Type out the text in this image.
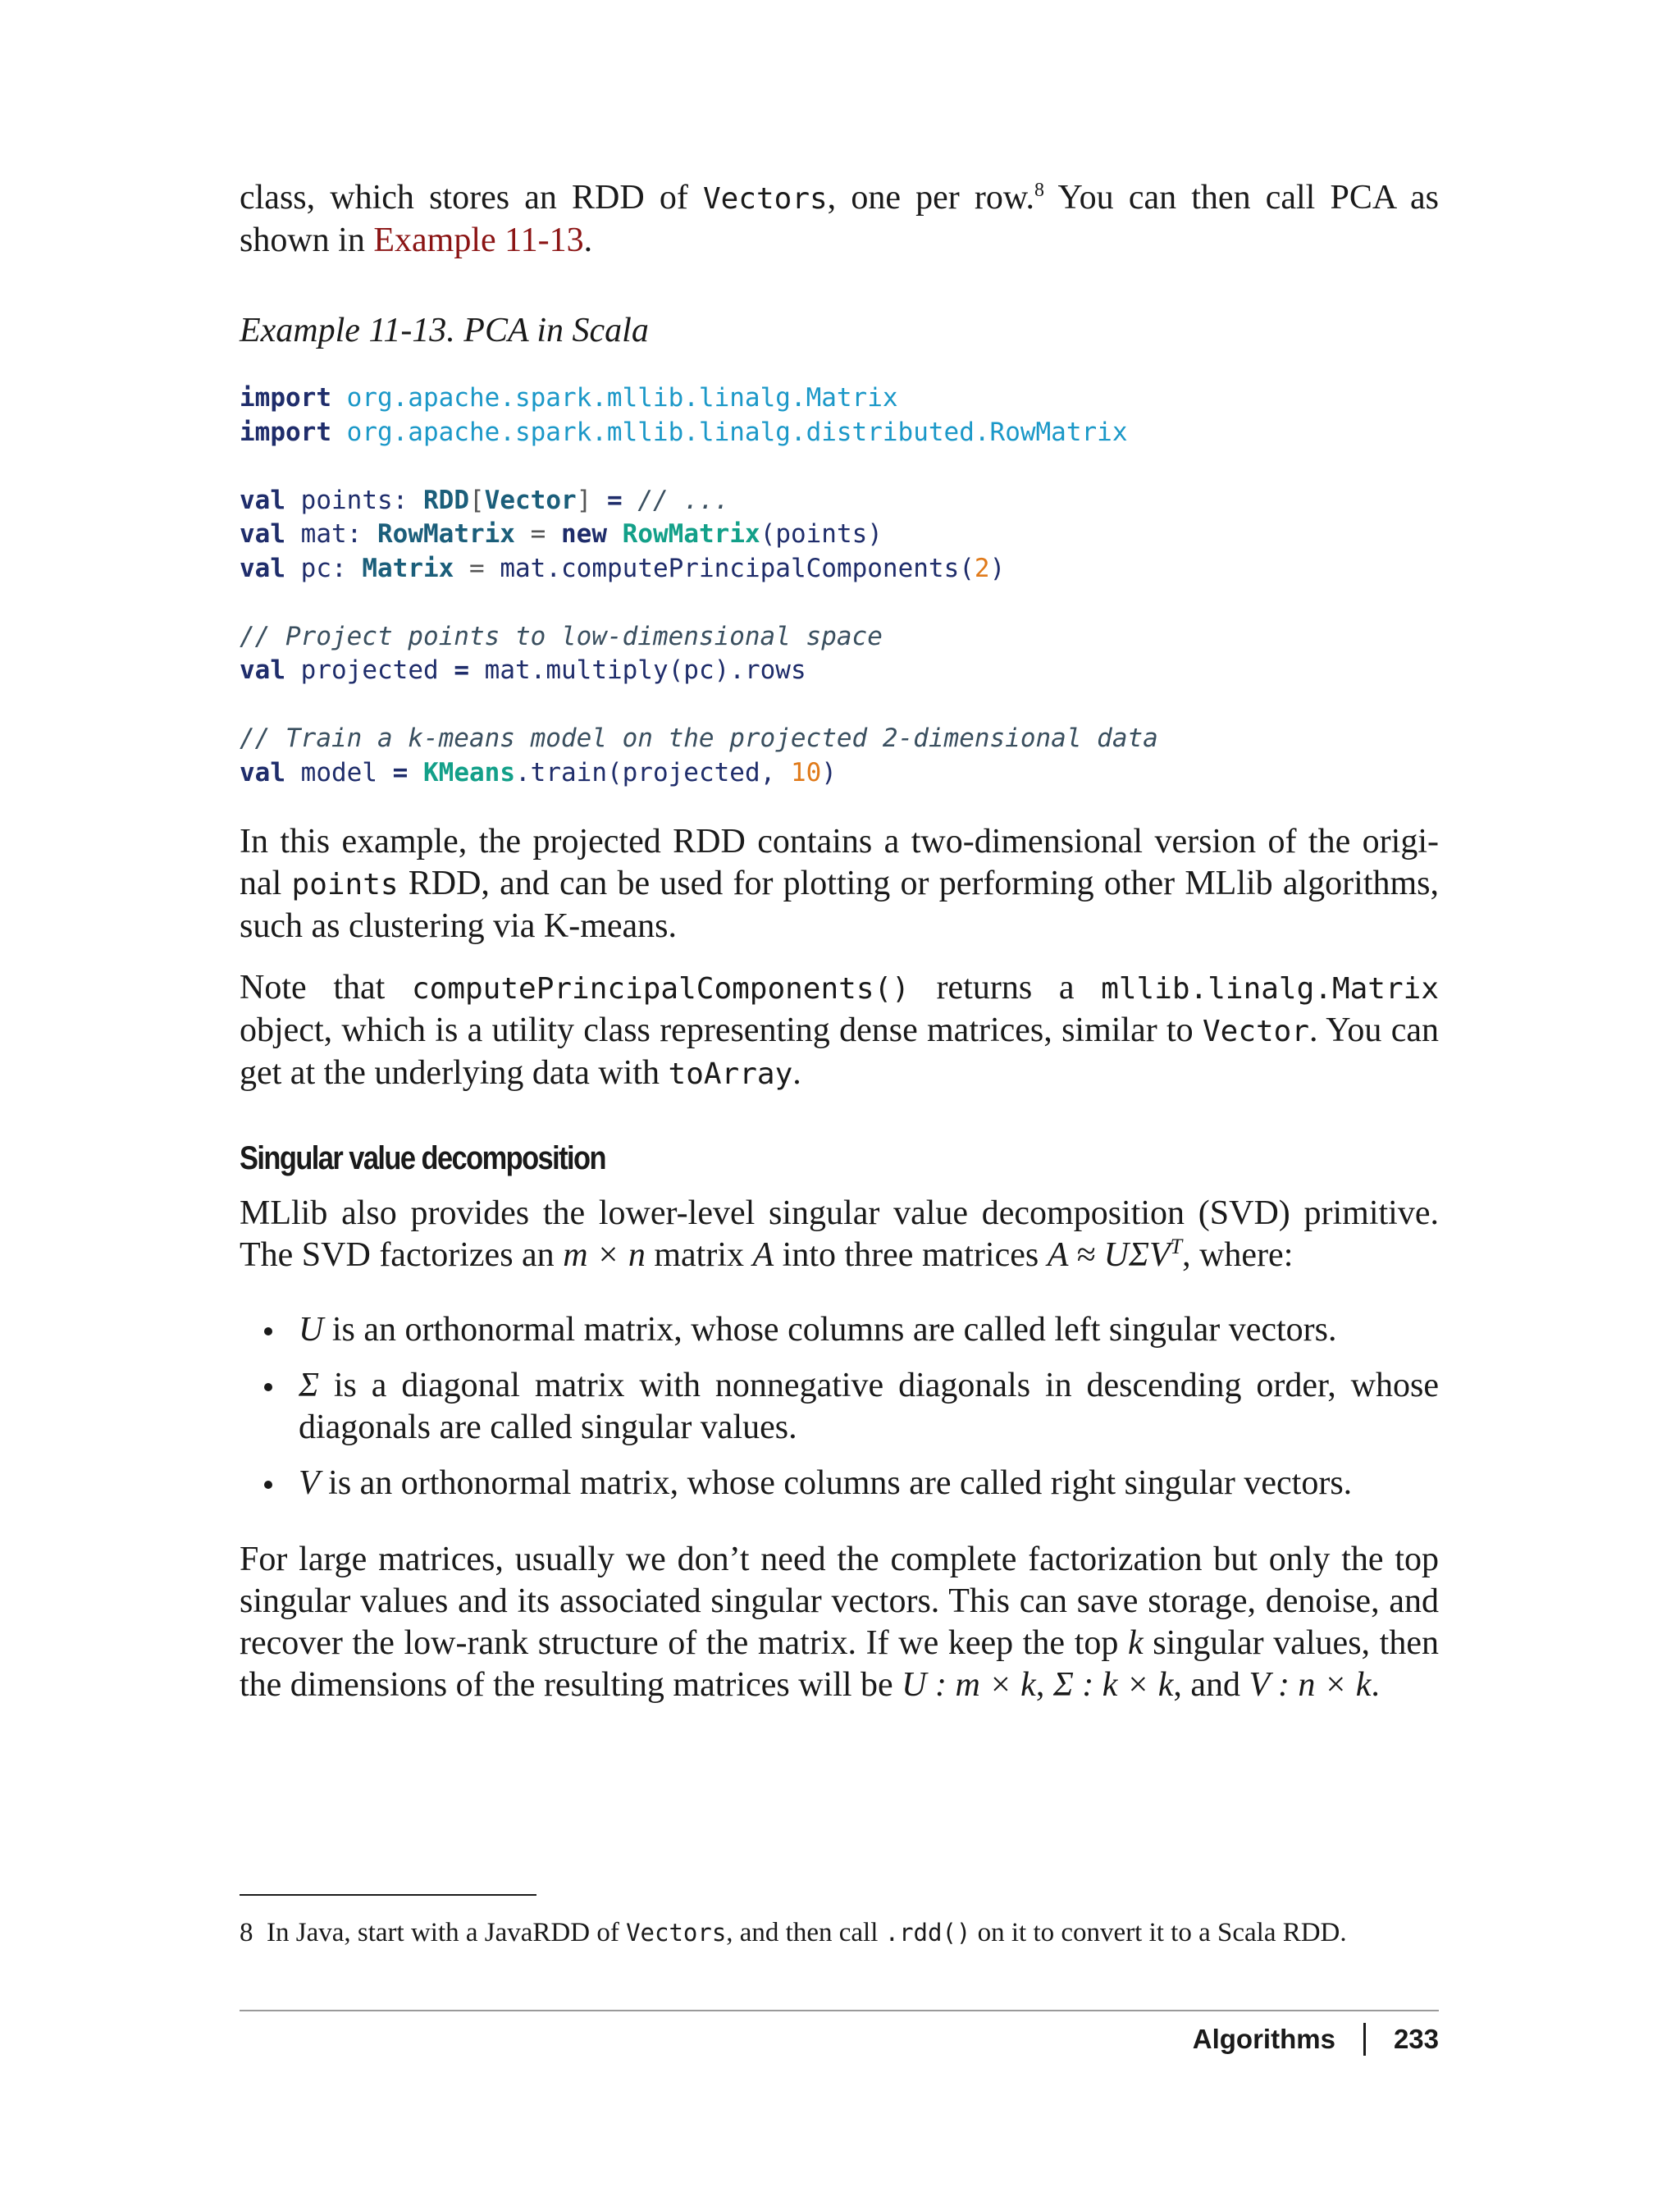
class, which stores an RDD of Vectors, one per row.$^8$ You can then call PCA as shown in Example 11-13.

Example 11-13. PCA in Scala
import org.apache.spark.mllib.linalg.Matrix
import org.apache.spark.mllib.linalg.distributed.RowMatrix

val points: RDD[Vector] = // ...
val mat: RowMatrix = new RowMatrix(points)
val pc: Matrix = mat.computePrincipalComponents(2)

// Project points to low-dimensional space
val projected = mat.multiply(pc).rows

// Train a k-means model on the projected 2-dimensional data
val model = KMeans.train(projected, 10)

In this example, the projected RDD contains a two-dimensional version of the origi- nal points RDD, and can be used for plotting or performing other MLlib algorithms, such as clustering via K-means.

Note that computePrincipalComponents() returns a mllib.linalg.Matrix object, which is a utility class representing dense matrices, similar to Vector. You can get at the underlying data with toArray.

Singular value decomposition

MLlib also provides the lower-level singular value decomposition (SVD) primitive. The SVD factorizes an m × n matrix A into three matrices $A \approx U\Sigma V^T$, where:

U is an orthonormal matrix, whose columns are called left singular vectors.
Σ is a diagonal matrix with nonnegative diagonals in descending order, whose diagonals are called singular values.
V is an orthonormal matrix, whose columns are called right singular vectors.

For large matrices, usually we don’t need the complete factorization but only the top singular values and its associated singular vectors. This can save storage, denoise, and recover the low-rank structure of the matrix. If we keep the top k singular values, then the dimensions of the resulting matrices will be U : m × k, Σ : k × k, and V : n × k.

8 In Java, start with a JavaRDD of Vectors, and then call .rdd() on it to convert it to a Scala RDD.
Algorithms 233
